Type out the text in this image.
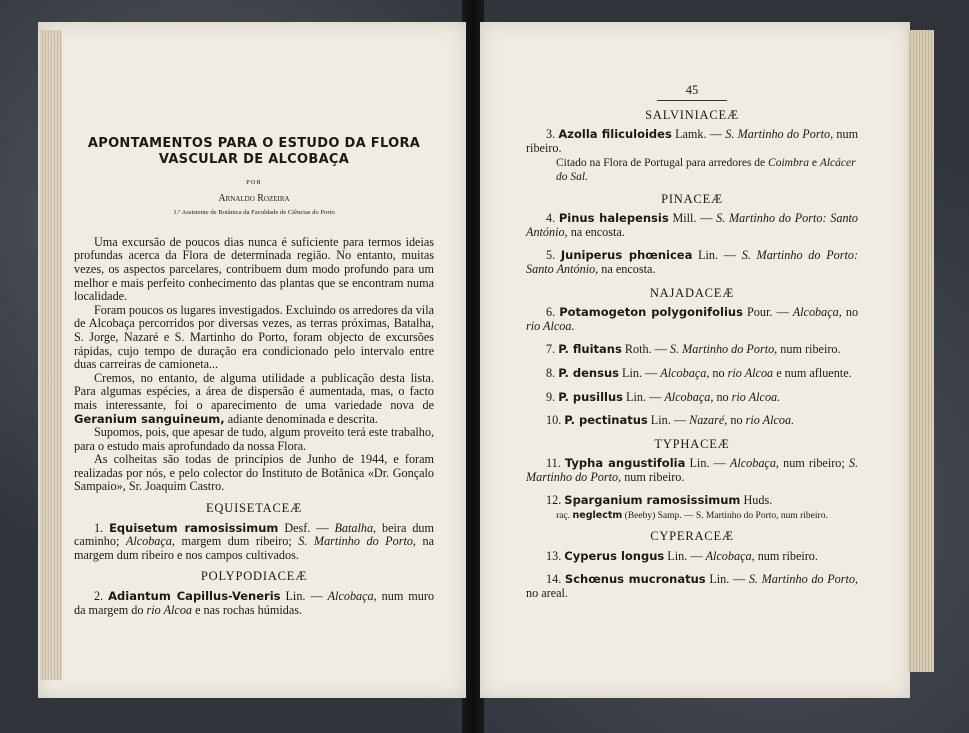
APONTAMENTOS PARA O ESTUDO DA FLORA
VASCULAR DE ALCOBAÇA
POR
Arnaldo Rozeira
1.º Assistente de Botânica da Faculdade de Ciências do Porto

Uma excursão de poucos dias nunca é suficiente para termos ideias profundas acerca da Flora de determinada região. No entanto, muitas vezes, os aspectos parcelares, contribuem dum modo profundo para um melhor e mais perfeito conhecimento das plantas que se encontram numa localidade.

Foram poucos os lugares investigados. Excluindo os arredores da vila de Alcobaça percorridos por diversas vezes, as terras próximas, Batalha, S. Jorge, Nazaré e S. Martinho do Porto, foram objecto de excursões rápidas, cujo tempo de duração era condicionado pelo intervalo entre duas carreiras de camioneta...

Cremos, no entanto, de alguma utilidade a publicação desta lista. Para algumas espécies, a área de dispersão é aumentada, mas, o facto mais interessante, foi o aparecimento de uma variedade nova de Geranium sanguineum, adiante denominada e descrita.

Supomos, pois, que apesar de tudo, algum proveito terá este trabalho, para o estudo mais aprofundado da nossa Flora.

As colheitas são todas de princípios de Junho de 1944, e foram realizadas por nós, e pelo colector do Instituto de Botânica «Dr. Gonçalo Sampaio», Sr. Joaquim Castro.

EQUISETACEÆ

1. Equisetum ramosissimum Desf. — Batalha, beira dum caminho; Alcobaça, margem dum ribeiro; S. Martinho do Porto, na margem dum ribeiro e nos campos cultivados.

POLYPODIACEÆ

2. Adiantum Capillus-Veneris Lin. — Alcobaça, num muro da margem do rio Alcoa e nas rochas húmidas.

45
SALVINIACEÆ

3. Azolla filiculoides Lamk. — S. Martinho do Porto, num ribeiro.

Citado na Flora de Portugal para arredores de Coimbra e Alcácer do Sal.

PINACEÆ

4. Pinus halepensis Mill. — S. Martinho do Porto: Santo António, na encosta.

5. Juniperus phœnicea Lin. — S. Martinho do Porto: Santo António, na encosta.

NAJADACEÆ

6. Potamogeton polygonifolius Pour. — Alcobaça, no rio Alcoa.

7. P. fluitans Roth. — S. Martinho do Porto, num ribeiro.

8. P. densus Lin. — Alcobaça, no rio Alcoa e num afluente.

9. P. pusillus Lin. — Alcobaça, no rio Alcoa.

10. P. pectinatus Lin. — Nazaré, no rio Alcoa.

TYPHACEÆ

11. Typha angustifolia Lin. — Alcobaça, num ribeiro; S. Martinho do Porto, num ribeiro.

12. Sparganium ramosissimum Huds.

raç. neglectm (Beeby) Samp. — S. Martinho do Porto, num ribeiro.

CYPERACEÆ

13. Cyperus longus Lin. — Alcobaça, num ribeiro.

14. Schœnus mucronatus Lin. — S. Martinho do Porto, no areal.
